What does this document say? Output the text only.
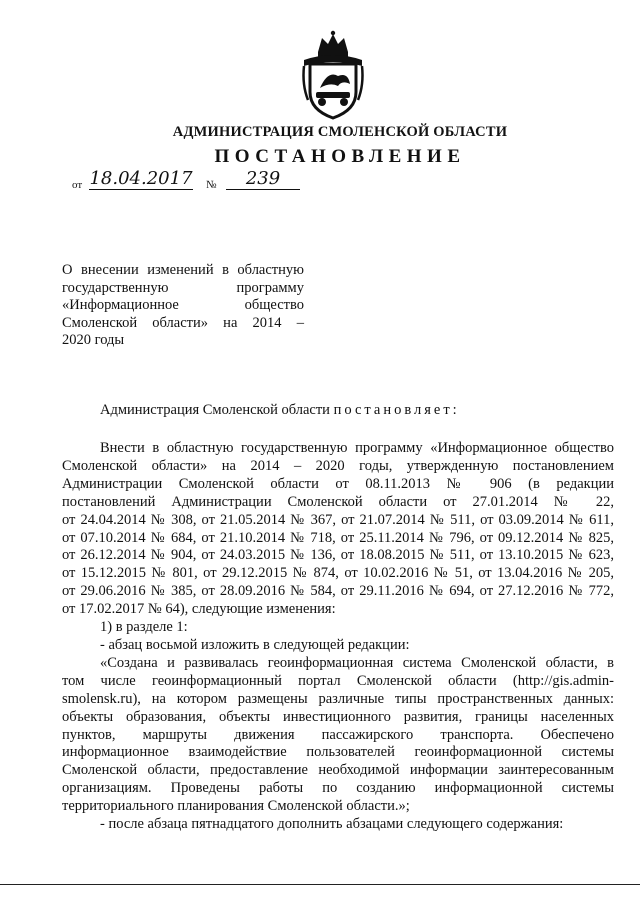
АДМИНИСТРАЦИЯ СМОЛЕНСКОЙ ОБЛАСТИ
ПОСТАНОВЛЕНИЕ
от 18.04.2017 №	239
О внесении изменений в областную
государственную программу
«Информационное общество
Смоленской области» на 2014 –
2020 годы
Администрация Смоленской области постановляет:
Внести в областную государственную программу «Информационное общество
Смоленской области» на 2014 – 2020 годы, утвержденную постановлением
Администрации Смоленской области от 08.11.2013 № 906 (в редакции
постановлений Администрации Смоленской области от 27.01.2014 № 22,
от 24.04.2014 № 308, от 21.05.2014 № 367, от 21.07.2014 № 511, от 03.09.2014 № 611,
от 07.10.2014 № 684, от 21.10.2014 № 718, от 25.11.2014 № 796, от 09.12.2014 № 825,
от 26.12.2014 № 904, от 24.03.2015 № 136, от 18.08.2015 № 511, от 13.10.2015 № 623,
от 15.12.2015 № 801, от 29.12.2015 № 874, от 10.02.2016 № 51, от 13.04.2016 № 205,
от 29.06.2016 № 385, от 28.09.2016 № 584, от 29.11.2016 № 694, от 27.12.2016 № 772,
от 17.02.2017 № 64), следующие изменения:
1) в разделе 1:
- абзац восьмой изложить в следующей редакции:
«Создана и развивалась геоинформационная система Смоленской области, в
том числе геоинформационный портал Смоленской области (http://gis.admin-
smolensk.ru), на котором размещены различные типы пространственных данных:
объекты образования, объекты инвестиционного развития, границы населенных
пунктов, маршруты движения пассажирского транспорта. Обеспечено
информационное взаимодействие пользователей геоинформационной системы
Смоленской области, предоставление необходимой информации заинтересованным
организациям. Проведены работы по созданию информационной системы
территориального планирования Смоленской области.»;
- после абзаца пятнадцатого дополнить абзацами следующего содержания:
